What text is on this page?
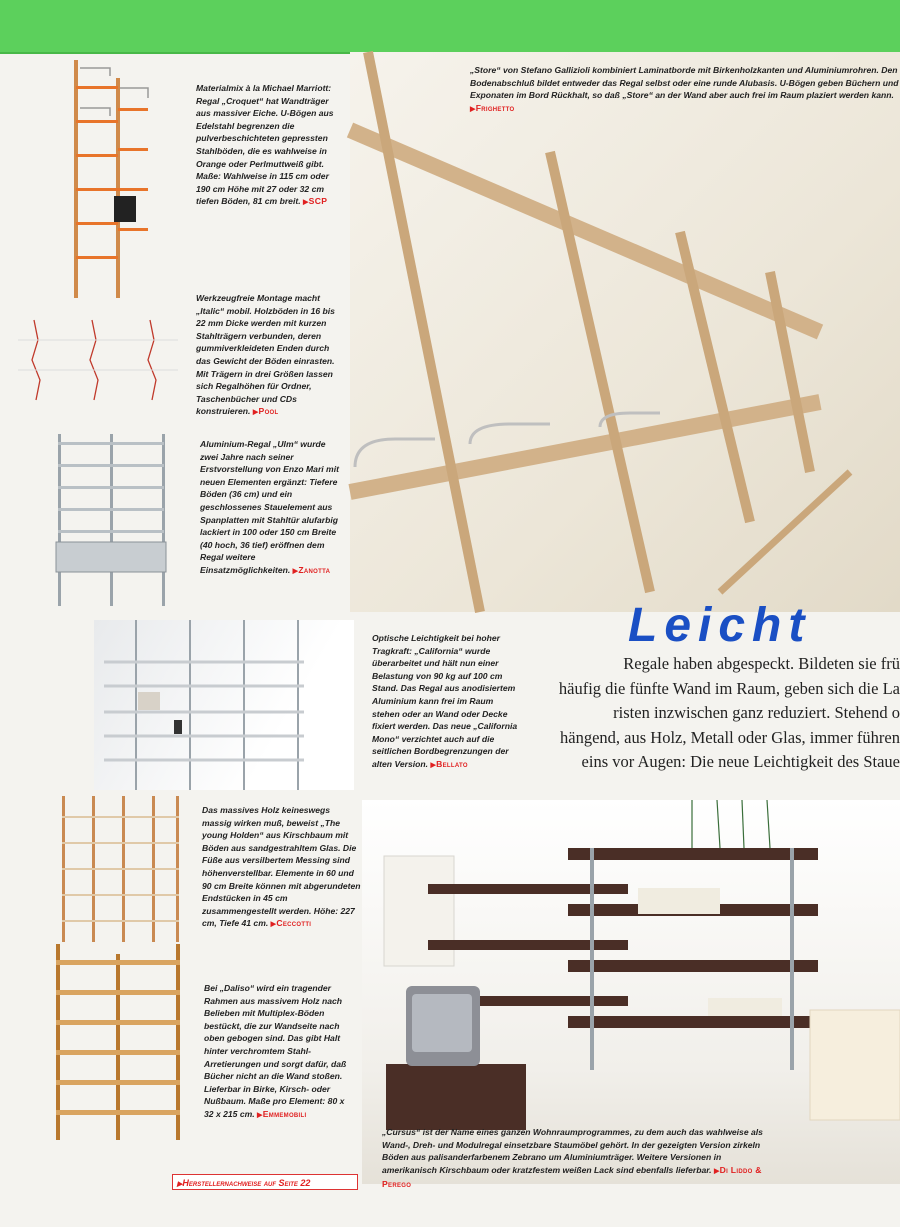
Materialmix à la Michael Marriott: Regal „Croquet“ hat Wandträger aus massiver Eiche. U-Bögen aus Edelstahl begrenzen die pulverbeschichteten gepressten Stahlböden, die es wahlweise in Orange oder Perlmuttweiß gibt. Maße: Wahlweise in 115 cm oder 190 cm Höhe mit 27 oder 32 cm tiefen Böden, 81 cm breit. ▶ SCP
Werkzeugfreie Montage macht „Italic“ mobil. Holzböden in 16 bis 22 mm Dicke werden mit kurzen Stahlträgern verbunden, deren gummiverkleideten Enden durch das Gewicht der Böden einrasten. Mit Trägern in drei Größen lassen sich Regalhöhen für Ordner, Taschenbücher und CDs konstruieren. ▶ Pool
Aluminium-Regal „Ulm“ wurde zwei Jahre nach seiner Erstvorstellung von Enzo Mari mit neuen Elementen ergänzt: Tiefere Böden (36 cm) und ein geschlossenes Stauelement aus Spanplatten mit Stahltür alufarbig lackiert in 100 oder 150 cm Breite (40 hoch, 36 tief) eröffnen dem Regal weitere Einsatzmöglichkeiten. ▶ Zanotta
„Store“ von Stefano Gallizioli kombiniert Laminatborde mit Birkenholzkanten und Aluminiumrohren. Den Bodenabschluß bildet entweder das Regal selbst oder eine runde Alubasis. U-Bögen geben Büchern und Exponaten im Bord Rückhalt, so daß „Store“ an der Wand aber auch frei im Raum plaziert werden kann. ▶ Frighetto
Optische Leichtigkeit bei hoher Tragkraft: „California“ wurde überarbeitet und hält nun einer Belastung von 90 kg auf 100 cm Stand. Das Regal aus anodisiertem Aluminium kann frei im Raum stehen oder an Wand oder Decke fixiert werden. Das neue „California Mono“ verzichtet auch auf die seitlichen Bordbegrenzungen der alten Version. ▶ Bellato
Leicht
Regale haben abgespeckt. Bildeten sie frü
häufig die fünfte Wand im Raum, geben sich die La
risten inzwischen ganz reduziert. Stehend o
hängend, aus Holz, Metall oder Glas, immer führen
eins vor Augen: Die neue Leichtigkeit des Staue
Das massives Holz keineswegs massig wirken muß, beweist „The young Holden“ aus Kirschbaum mit Böden aus sandgestrahltem Glas. Die Füße aus versilbertem Messing sind höhenverstellbar. Elemente in 60 und 90 cm Breite können mit abgerundeten Endstücken in 45 cm zusammengestellt werden. Höhe: 227 cm, Tiefe 41 cm. ▶ Ceccotti
Bei „Daliso“ wird ein tragender Rahmen aus massivem Holz nach Belieben mit Multiplex-Böden bestückt, die zur Wandseite nach oben gebogen sind. Das gibt Halt hinter verchromtem Stahl-Arretierungen und sorgt dafür, daß Bücher nicht an die Wand stoßen. Lieferbar in Birke, Kirsch- oder Nußbaum. Maße pro Element: 80 x 32 x 215 cm. ▶ Emmemobili
„Cursus“ ist der Name eines ganzen Wohnraumprogrammes, zu dem auch das wahlweise als Wand-, Dreh- und Modulregal einsetzbare Staumöbel gehört. In der gezeigten Version zirkeln Böden aus palisanderfarbenem Zebrano um Aluminiumträger. Weitere Versionen in amerikanisch Kirschbaum oder kratzfestem weißen Lack sind ebenfalls lieferbar. ▶ Di Liddo & Perego
▶ Herstellernachweise auf Seite 22
